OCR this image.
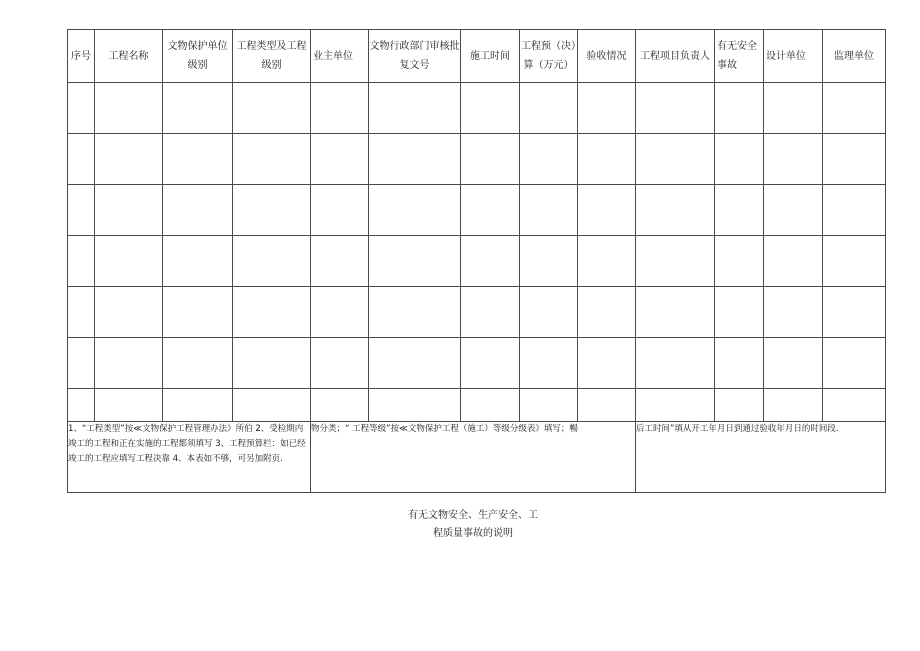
序号	工程名称	文物保护单位级别	工程类型及工程级别	业主单位	文物行政部门审核批复文号	施工时间	工程预（决）算（万元）	验收情况	工程项目负责人	有无安全事故	设计单位	监理单位

1、“工程类型”按≪文物保护工程管理办法》所伯 2、受检期内竣工的工程和正在实施的工程都须填写 3、工程预算栏：如已经竣工的工程应填写工程决靠 4、本表如不够，可另加附页.				物分类；“ 工程等级”按≪文物保护工程（施工）等级分级表》填写；暢					后工时间”填从开工年月日到通过验收年月日的时间段.			
有无文物安全、生产安全、工
程质量事故的说明
